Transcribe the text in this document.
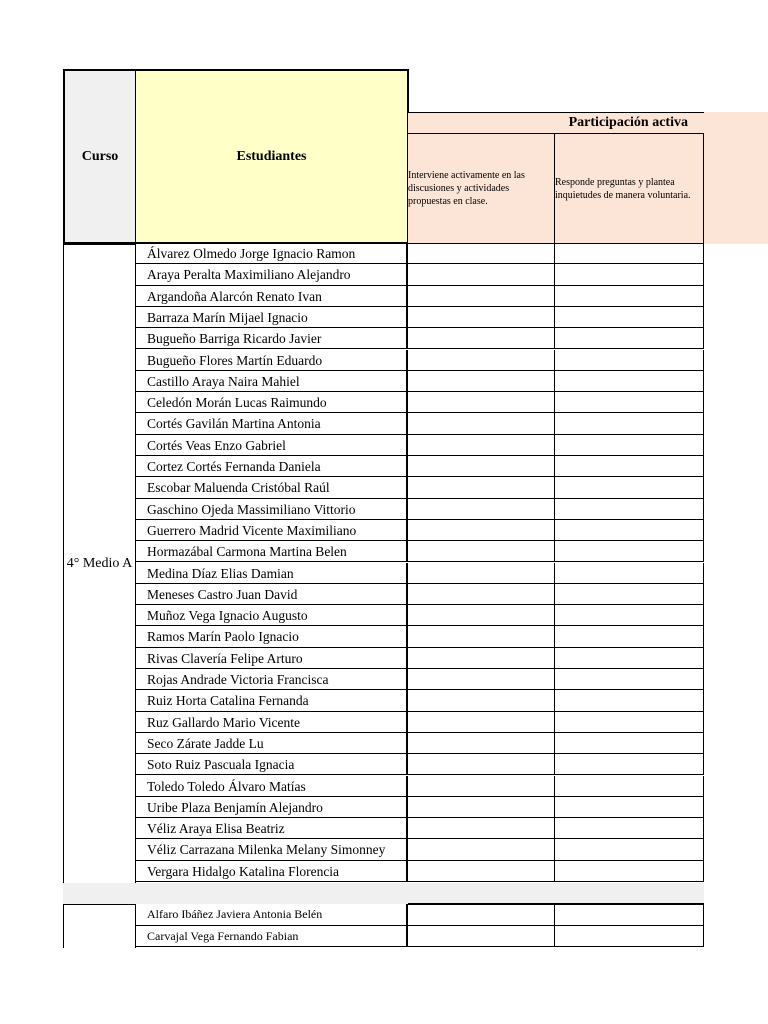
Curso	Estudiantes
Participación activa
Interviene activamente en las discusiones y actividades propuestas en clase.
Responde preguntas y plantea inquietudes de manera voluntaria.
4° Medio A
Álvarez Olmedo Jorge Ignacio Ramon
Araya Peralta Maximiliano Alejandro
Argandoña Alarcón Renato Ivan
Barraza Marín Mijael Ignacio
Bugueño Barriga Ricardo Javier
Bugueño Flores Martín Eduardo
Castillo Araya Naira Mahiel
Celedón Morán Lucas Raimundo
Cortés Gavilán Martina Antonia
Cortés Veas Enzo Gabriel
Cortez Cortés Fernanda Daniela
Escobar Maluenda Cristóbal Raúl
Gaschino Ojeda Massimiliano Vittorio
Guerrero Madrid Vicente Maximiliano
Hormazábal Carmona Martina Belen
Medina Díaz Elias Damian
Meneses Castro Juan David
Muñoz Vega Ignacio Augusto
Ramos Marín Paolo Ignacio
Rivas Clavería Felipe Arturo
Rojas Andrade Victoria Francisca
Ruiz Horta Catalina Fernanda
Ruz Gallardo Mario Vicente
Seco Zárate Jadde Lu
Soto Ruiz Pascuala Ignacia
Toledo Toledo Álvaro Matías
Uribe Plaza Benjamín Alejandro
Véliz Araya Elisa Beatriz
Véliz Carrazana Milenka Melany Simonney
Vergara Hidalgo Katalina Florencia
Alfaro Ibáñez Javiera Antonia Belén
Carvajal Vega Fernando Fabian
